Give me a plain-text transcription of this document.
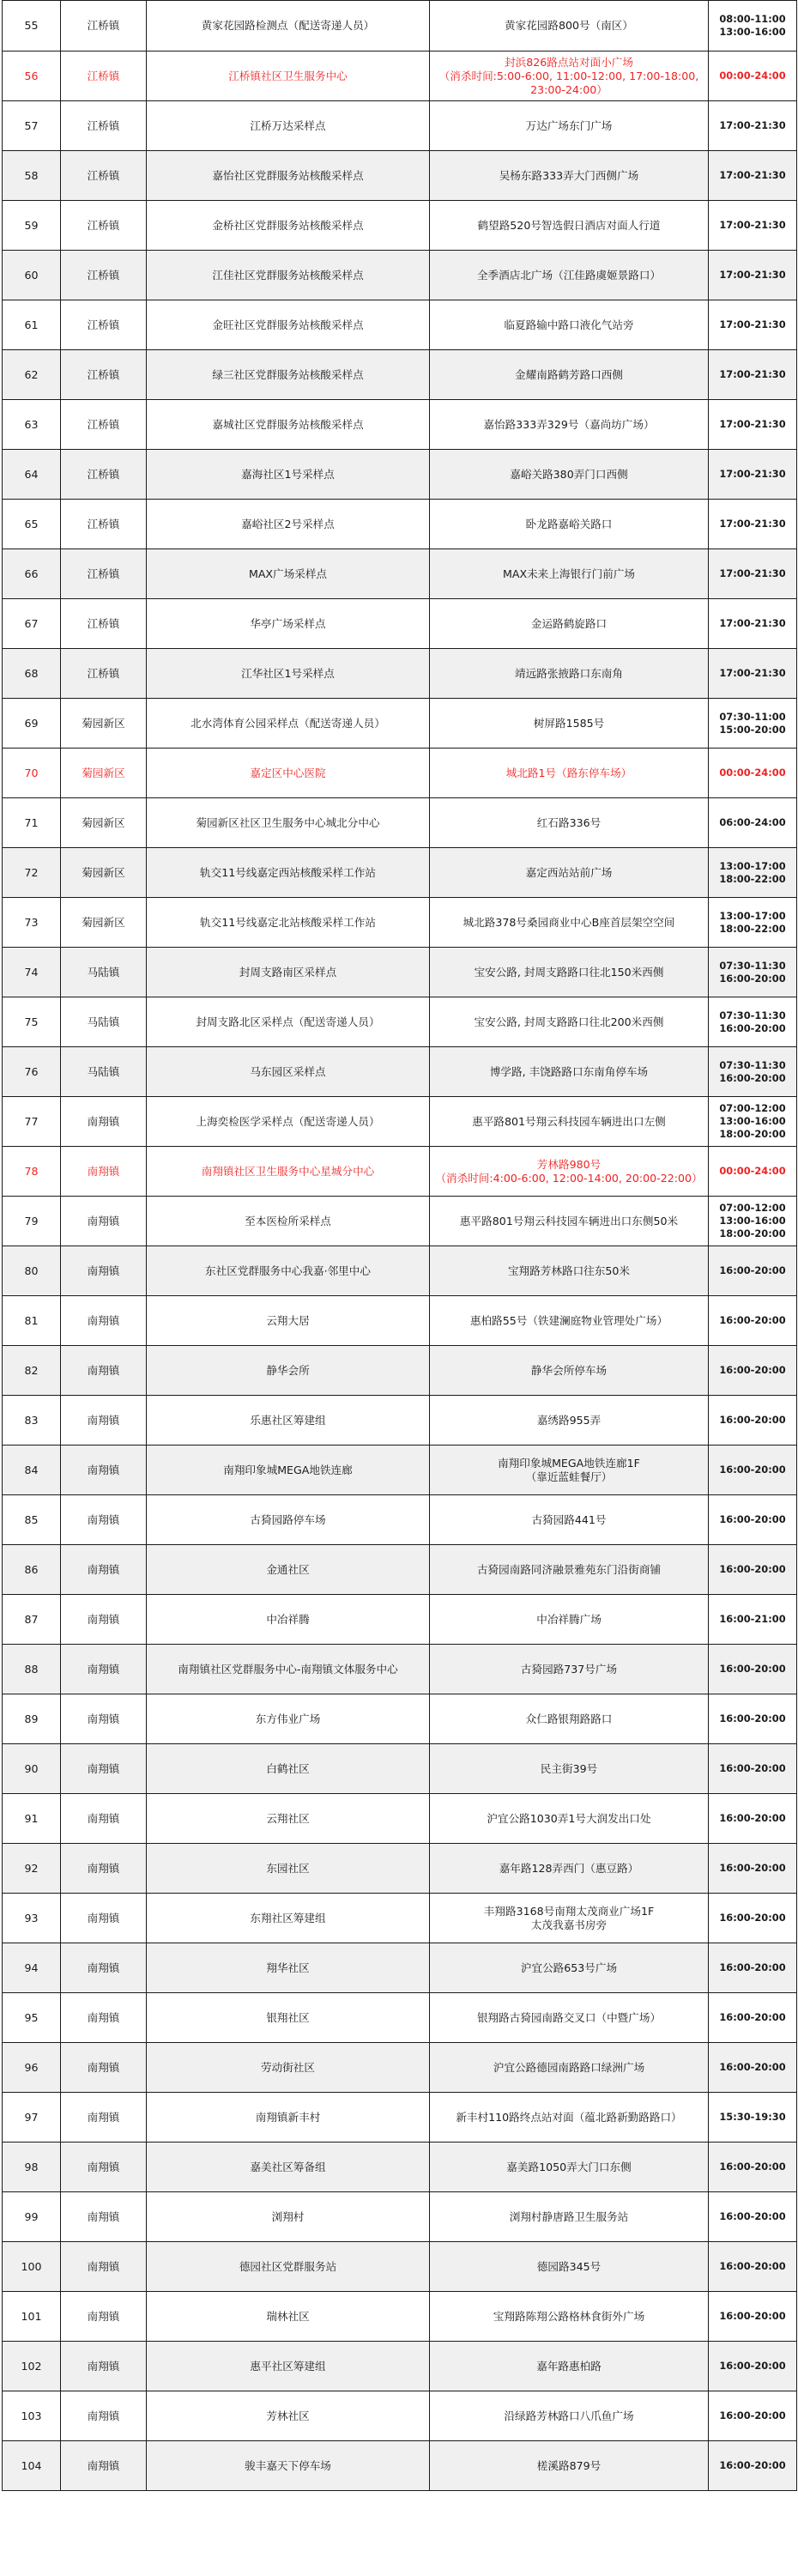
55	江桥镇	黄家花园路检测点（配送寄递人员）	黄家花园路800号（南区）	08:00-11:00
13:00-16:00
56	江桥镇	江桥镇社区卫生服务中心	封浜826路点站对面小广场
（消杀时间:5:00-6:00, 11:00-12:00, 17:00-18:00, 23:00-24:00）	00:00-24:00
57	江桥镇	江桥万达采样点	万达广场东门广场	17:00-21:30
58	江桥镇	嘉怡社区党群服务站核酸采样点	吴杨东路333弄大门西侧广场	17:00-21:30
59	江桥镇	金桥社区党群服务站核酸采样点	鹤望路520号智选假日酒店对面人行道	17:00-21:30
60	江桥镇	江佳社区党群服务站核酸采样点	全季酒店北广场（江佳路虞姬景路口）	17:00-21:30
61	江桥镇	金旺社区党群服务站核酸采样点	临夏路输中路口液化气站旁	17:00-21:30
62	江桥镇	绿三社区党群服务站核酸采样点	金耀南路鹤芳路口西侧	17:00-21:30
63	江桥镇	嘉城社区党群服务站核酸采样点	嘉怡路333弄329号（嘉尚坊广场）	17:00-21:30
64	江桥镇	嘉海社区1号采样点	嘉峪关路380弄门口西侧	17:00-21:30
65	江桥镇	嘉峪社区2号采样点	卧龙路嘉峪关路口	17:00-21:30
66	江桥镇	MAX广场采样点	MAX未来上海银行门前广场	17:00-21:30
67	江桥镇	华亭广场采样点	金运路鹤旋路口	17:00-21:30
68	江桥镇	江华社区1号采样点	靖远路张掖路口东南角	17:00-21:30
69	菊园新区	北水湾体育公园采样点（配送寄递人员）	树屏路1585号	07:30-11:00
15:00-20:00
70	菊园新区	嘉定区中心医院	城北路1号（路东停车场）	00:00-24:00
71	菊园新区	菊园新区社区卫生服务中心城北分中心	红石路336号	06:00-24:00
72	菊园新区	轨交11号线嘉定西站核酸采样工作站	嘉定西站站前广场	13:00-17:00
18:00-22:00
73	菊园新区	轨交11号线嘉定北站核酸采样工作站	城北路378号桑园商业中心B座首层架空空间	13:00-17:00
18:00-22:00
74	马陆镇	封周支路南区采样点	宝安公路, 封周支路路口往北150米西侧	07:30-11:30
16:00-20:00
75	马陆镇	封周支路北区采样点（配送寄递人员）	宝安公路, 封周支路路口往北200米西侧	07:30-11:30
16:00-20:00
76	马陆镇	马东园区采样点	博学路, 丰饶路路口东南角停车场	07:30-11:30
16:00-20:00
77	南翔镇	上海奕检医学采样点（配送寄递人员）	惠平路801号翔云科技园车辆进出口左侧	07:00-12:00
13:00-16:00
18:00-20:00
78	南翔镇	南翔镇社区卫生服务中心星城分中心	芳林路980号
（消杀时间:4:00-6:00, 12:00-14:00, 20:00-22:00）	00:00-24:00
79	南翔镇	至本医检所采样点	惠平路801号翔云科技园车辆进出口东侧50米	07:00-12:00
13:00-16:00
18:00-20:00
80	南翔镇	东社区党群服务中心我嘉·邻里中心	宝翔路芳林路口往东50米	16:00-20:00
81	南翔镇	云翔大居	惠柏路55号（铁建澜庭物业管理处广场）	16:00-20:00
82	南翔镇	静华会所	静华会所停车场	16:00-20:00
83	南翔镇	乐惠社区筹建组	嘉绣路955弄	16:00-20:00
84	南翔镇	南翔印象城MEGA地铁连廊	南翔印象城MEGA地铁连廊1F
（靠近蓝蛙餐厅）	16:00-20:00
85	南翔镇	古猗园路停车场	古猗园路441号	16:00-20:00
86	南翔镇	金通社区	古猗园南路同济融景雅苑东门沿街商铺	16:00-20:00
87	南翔镇	中冶祥腾	中冶祥腾广场	16:00-21:00
88	南翔镇	南翔镇社区党群服务中心-南翔镇文体服务中心	古猗园路737号广场	16:00-20:00
89	南翔镇	东方伟业广场	众仁路银翔路路口	16:00-20:00
90	南翔镇	白鹤社区	民主街39号	16:00-20:00
91	南翔镇	云翔社区	沪宜公路1030弄1号大润发出口处	16:00-20:00
92	南翔镇	东园社区	嘉年路128弄西门（惠豆路）	16:00-20:00
93	南翔镇	东翔社区筹建组	丰翔路3168号南翔太茂商业广场1F
太茂我嘉书房旁	16:00-20:00
94	南翔镇	翔华社区	沪宜公路653号广场	16:00-20:00
95	南翔镇	银翔社区	银翔路古猗园南路交叉口（中暨广场）	16:00-20:00
96	南翔镇	劳动街社区	沪宜公路德园南路路口绿洲广场	16:00-20:00
97	南翔镇	南翔镇新丰村	新丰村110路终点站对面（蕴北路新勤路路口）	15:30-19:30
98	南翔镇	嘉美社区筹备组	嘉美路1050弄大门口东侧	16:00-20:00
99	南翔镇	浏翔村	浏翔村静唐路卫生服务站	16:00-20:00
100	南翔镇	德园社区党群服务站	德园路345号	16:00-20:00
101	南翔镇	瑞林社区	宝翔路陈翔公路格林食街外广场	16:00-20:00
102	南翔镇	惠平社区筹建组	嘉年路惠柏路	16:00-20:00
103	南翔镇	芳林社区	沿绿路芳林路口八爪鱼广场	16:00-20:00
104	南翔镇	骏丰嘉天下停车场	槎溪路879号	16:00-20:00
